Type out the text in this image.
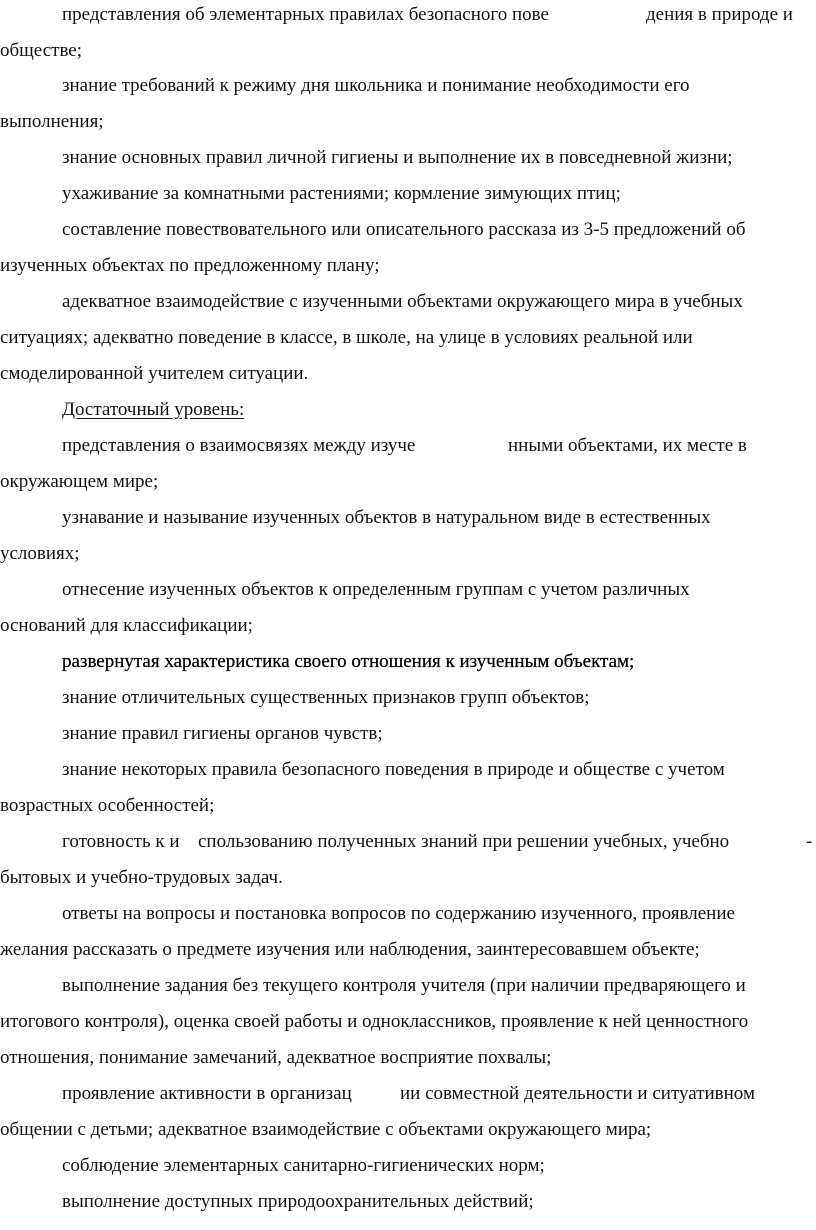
представления об элементарных правилах безопасного пове	дения в природе и
обществе;
знание требований к режиму дня школьника и понимание необходимости его
выполнения;
знание основных правил личной гигиены и выполнение их в повседневной жизни;
ухаживание за комнатными растениями; кормление зимующих птиц;
составление повествовательного или описательного рассказа из 3-5 предложений об
изученных объектах по предложенному плану;
адекватное взаимодействие с изученными объектами окружающего мира в учебных
ситуациях; адекватно поведение в классе, в школе, на улице в условиях реальной или
смоделированной учителем ситуации.
Достаточный уровень:
представления о взаимосвязях между изуче	нными объектами, их месте в
окружающем мире;
узнавание и называние изученных объектов в натуральном виде в естественных
условиях;
отнесение изученных объектов к определенным группам с учетом различных
оснований для классификации;
развернутая характеристика своего отношения к изученным объектам;
знание отличительных существенных признаков групп объектов;
знание правил гигиены органов чувств;
знание некоторых правила безопасного поведения в природе и обществе с учетом
возрастных особенностей;
готовность к и спользованию полученных знаний при решении учебных, учебно	-
бытовых и учебно-трудовых задач.
ответы на вопросы и постановка вопросов по содержанию изученного, проявление
желания рассказать о предмете изучения или наблюдения, заинтересовавшем объекте;
выполнение задания без текущего контроля учителя (при наличии предваряющего и
итогового контроля), оценка своей работы и одноклассников, проявление к ней ценностного
отношения, понимание замечаний, адекватное восприятие похвалы;
проявление активности в организац	ии совместной деятельности и ситуативном
общении с детьми; адекватное взаимодействие с объектами окружающего мира;
соблюдение элементарных санитарно-гигиенических норм;
выполнение доступных природоохранительных действий;
